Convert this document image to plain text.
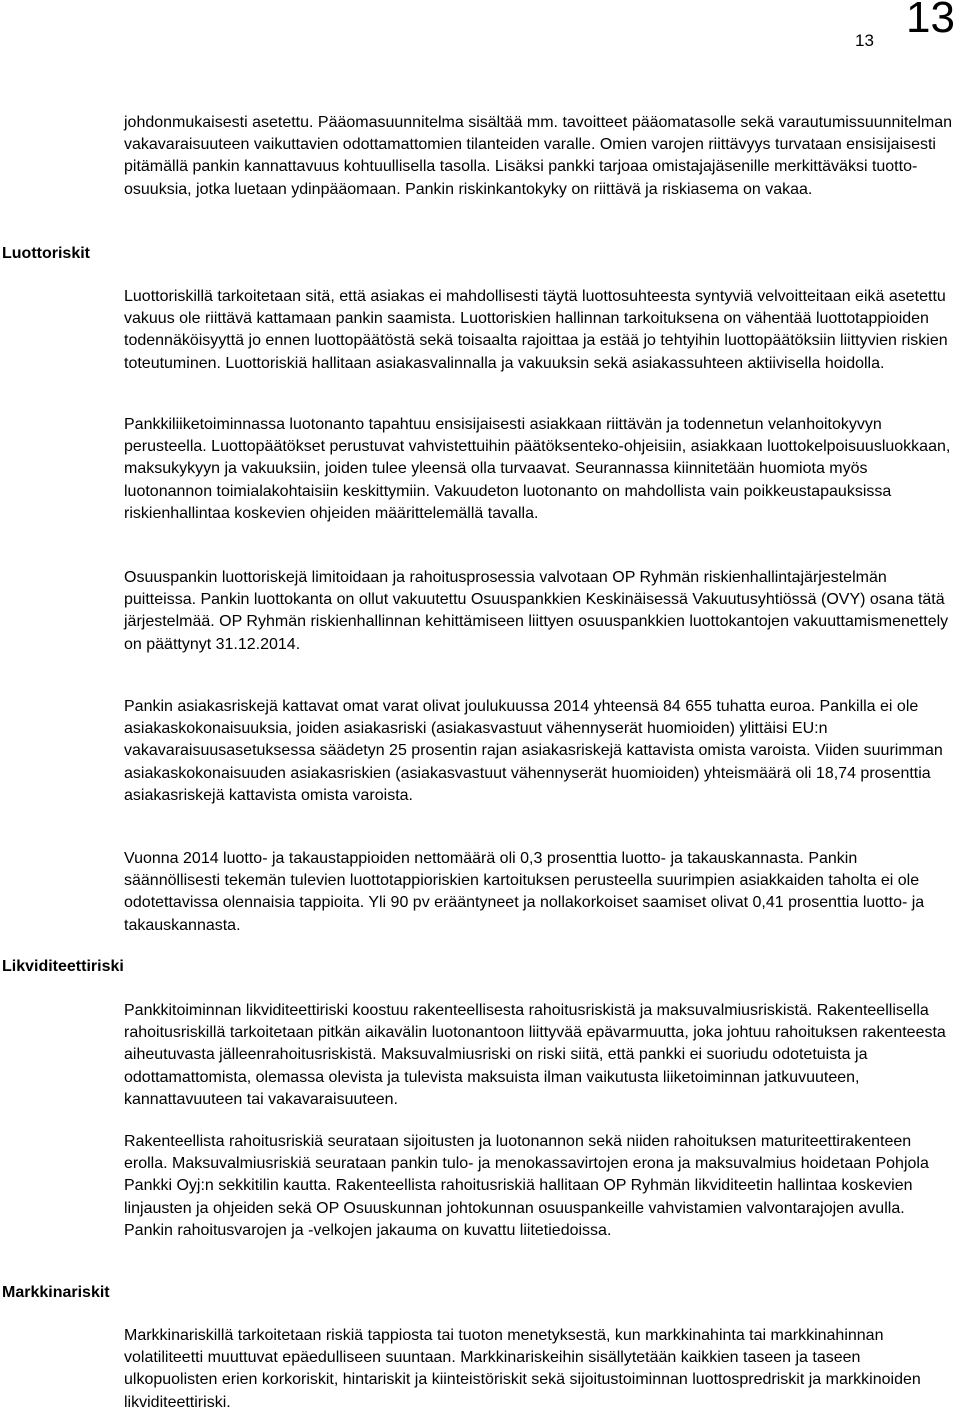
13 13

johdonmukaisesti asetettu. Pääomasuunnitelma sisältää mm. tavoitteet pääomatasolle sekä varautumissuunnitelman vakavaraisuuteen vaikuttavien odottamattomien tilanteiden varalle. Omien varojen riittävyys turvataan ensisijaisesti pitämällä pankin kannattavuus kohtuullisella tasolla. Lisäksi pankki tarjoaa omistajajäsenille merkittäväksi tuotto-osuuksia, jotka luetaan ydinpääomaan. Pankin riskinkantokyky on riittävä ja riskiasema on vakaa.

Luottoriskit

Luottoriskillä tarkoitetaan sitä, että asiakas ei mahdollisesti täytä luottosuhteesta syntyviä velvoitteitaan eikä asetettu vakuus ole riittävä kattamaan pankin saamista. Luottoriskien hallinnan tarkoituksena on vähentää luottotappioiden todennäköisyyttä jo ennen luottopäätöstä sekä toisaalta rajoittaa ja estää jo tehtyihin luottopäätöksiin liittyvien riskien toteutuminen. Luottoriskiä hallitaan asiakasvalinnalla ja vakuuksin sekä asiakassuhteen aktiivisella hoidolla.

Pankkiliiketoiminnassa luotonanto tapahtuu ensisijaisesti asiakkaan riittävän ja todennetun velanhoitokyvyn perusteella. Luottopäätökset perustuvat vahvistettuihin päätöksenteko-ohjeisiin, asiakkaan luottokelpoisuusluokkaan, maksukykyyn ja vakuuksiin, joiden tulee yleensä olla turvaavat. Seurannassa kiinnitetään huomiota myös luotonannon toimialakohtaisiin keskittymiin. Vakuudeton luotonanto on mahdollista vain poikkeustapauksissa riskienhallintaa koskevien ohjeiden määrittelemällä tavalla.

Osuuspankin luottoriskejä limitoidaan ja rahoitusprosessia valvotaan OP Ryhmän riskienhallintajärjestelmän puitteissa. Pankin luottokanta on ollut vakuutettu Osuuspankkien Keskinäisessä Vakuutusyhtiössä (OVY) osana tätä järjestelmää. OP Ryhmän riskienhallinnan kehittämiseen liittyen osuuspankkien luottokantojen vakuuttamismenettely on päättynyt 31.12.2014.

Pankin asiakasriskejä kattavat omat varat olivat joulukuussa 2014 yhteensä 84 655 tuhatta euroa. Pankilla ei ole asiakaskokonaisuuksia, joiden asiakasriski (asiakasvastuut vähennyserät huomioiden) ylittäisi EU:n vakavaraisuusasetuksessa säädetyn 25 prosentin rajan asiakasriskejä kattavista omista varoista. Viiden suurimman asiakaskokonaisuuden asiakasriskien (asiakasvastuut vähennyserät huomioiden) yhteismäärä oli 18,74 prosenttia asiakasriskejä kattavista omista varoista.

Vuonna 2014 luotto- ja takaustappioiden nettomäärä oli 0,3 prosenttia luotto- ja takauskannasta. Pankin säännöllisesti tekemän tulevien luottotappioriskien kartoituksen perusteella suurimpien asiakkaiden taholta ei ole odotettavissa olennaisia tappioita. Yli 90 pv erääntyneet ja nollakorkoiset saamiset olivat 0,41 prosenttia luotto- ja takauskannasta.

Likviditeettiriski

Pankkitoiminnan likviditeettiriski koostuu rakenteellisesta rahoitusriskistä ja maksuvalmiusriskistä. Rakenteellisella rahoitusriskillä tarkoitetaan pitkän aikavälin luotonantoon liittyvää epävarmuutta, joka johtuu rahoituksen rakenteesta aiheutuvasta jälleenrahoitusriskistä. Maksuvalmiusriski on riski siitä, että pankki ei suoriudu odotetuista ja odottamattomista, olemassa olevista ja tulevista maksuista ilman vaikutusta liiketoiminnan jatkuvuuteen, kannattavuuteen tai vakavaraisuuteen.

Rakenteellista rahoitusriskiä seurataan sijoitusten ja luotonannon sekä niiden rahoituksen maturiteettirakenteen erolla. Maksuvalmiusriskiä seurataan pankin tulo- ja menokassavirtojen erona ja maksuvalmius hoidetaan Pohjola Pankki Oyj:n sekkitilin kautta. Rakenteellista rahoitusriskiä hallitaan OP Ryhmän likviditeetin hallintaa koskevien linjausten ja ohjeiden sekä OP Osuuskunnan johtokunnan osuuspankeille vahvistamien valvontarajojen avulla. Pankin rahoitusvarojen ja -velkojen jakauma on kuvattu liitetiedoissa.

Markkinariskit

Markkinariskillä tarkoitetaan riskiä tappiosta tai tuoton menetyksestä, kun markkinahinta tai markkinahinnan volatiliteetti muuttuvat epäedulliseen suuntaan. Markkinariskeihin sisällytetään kaikkien taseen ja taseen ulkopuolisten erien korkoriskit, hintariskit ja kiinteistöriskit sekä sijoitustoiminnan luottospredriskit ja markkinoiden likviditeettiriski.
